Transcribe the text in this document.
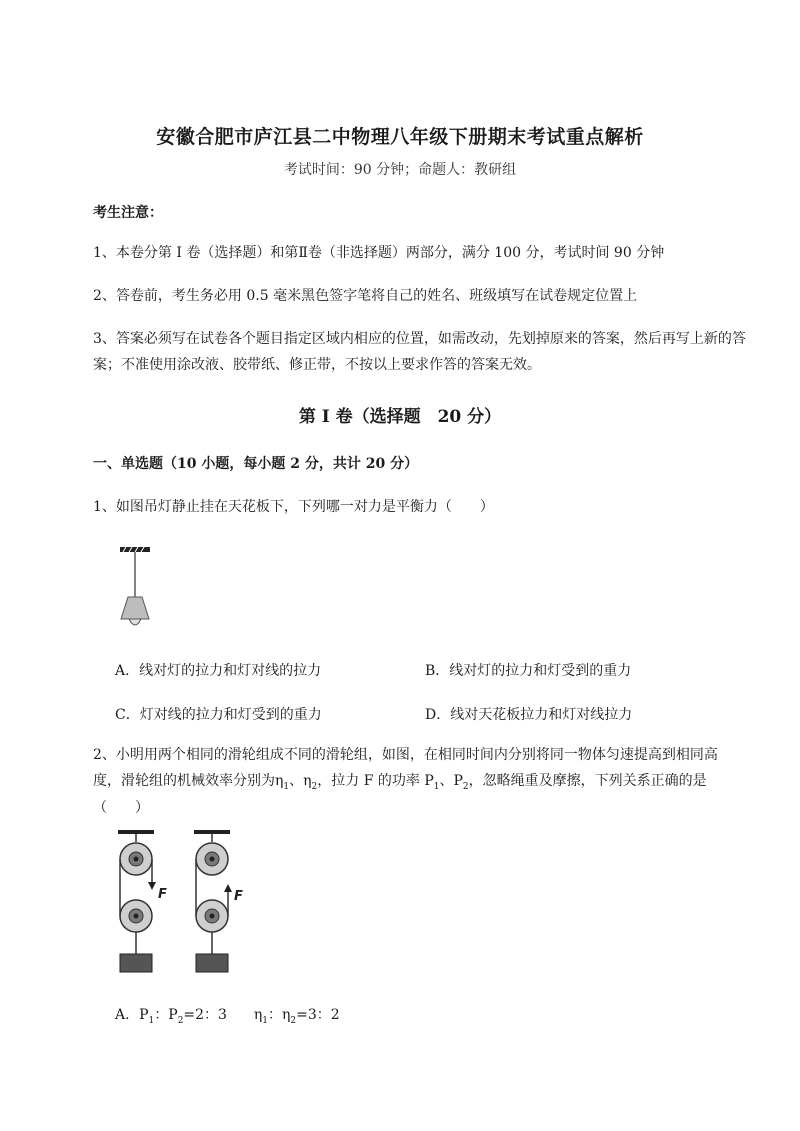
安徽合肥市庐江县二中物理八年级下册期末考试重点解析
考试时间：90 分钟；命题人：教研组
考生注意：
1、本卷分第 I 卷（选择题）和第Ⅱ卷（非选择题）两部分，满分 100 分，考试时间 90 分钟
2、答卷前，考生务必用 0.5 毫米黑色签字笔将自己的姓名、班级填写在试卷规定位置上
3、答案必须写在试卷各个题目指定区域内相应的位置，如需改动，先划掉原来的答案，然后再写上新的答案；不准使用涂改液、胶带纸、修正带，不按以上要求作答的答案无效。
第 I 卷（选择题　20 分）
一、单选题（10 小题，每小题 2 分，共计 20 分）
1、如图吊灯静止挂在天花板下，下列哪一对力是平衡力（　　）
A．线对灯的拉力和灯对线的拉力	B．线对灯的拉力和灯受到的重力
C．灯对线的拉力和灯受到的重力	D．线对天花板拉力和灯对线拉力
2、小明用两个相同的滑轮组成不同的滑轮组，如图，在相同时间内分别将同一物体匀速提高到相同高
度，滑轮组的机械效率分别为$\eta_1$、$\eta_2$，拉力 F 的功率 $P_1$、$P_2$，忽略绳重及摩擦，下列关系正确的是
（　　）
F	F
A．$P_1$：$P_2=2$：3 $\eta_1$：$\eta_2=3$：2
